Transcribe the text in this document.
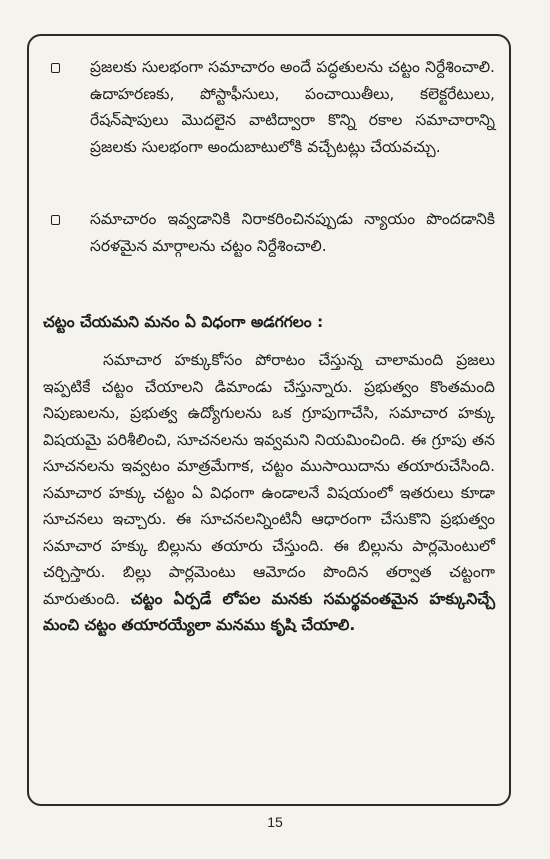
ప్రజలకు సులభంగా సమాచారం అందే పద్ధతులను చట్టం నిర్దేశించాలి. ఉదాహరణకు, పోస్టాఫీసులు, పంచాయితీలు, కలెక్టరేటులు, రేషన్‌షాపులు మొదలైన వాటిద్వారా కొన్ని రకాల సమాచారాన్ని ప్రజలకు సులభంగా అందుబాటులోకి వచ్చేటట్లు చేయవచ్చు.

సమాచారం ఇవ్వడానికి నిరాకరించినప్పుడు న్యాయం పొందడానికి సరళమైన మార్గాలను చట్టం నిర్దేశించాలి.

చట్టం చేయమని మనం ఏ విధంగా అడగగలం :

సమాచార హక్కుకోసం పోరాటం చేస్తున్న చాలామంది ప్రజలు ఇప్పటికే చట్టం చేయాలని డిమాండు చేస్తున్నారు. ప్రభుత్వం కొంతమంది నిపుణులను, ప్రభుత్వ ఉద్యోగులను ఒక గ్రూపుగాచేసి, సమాచార హక్కు విషయమై పరిశీలించి, సూచనలను ఇవ్వమని నియమించింది. ఈ గ్రూపు తన సూచనలను ఇవ్వటం మాత్రమేగాక, చట్టం ముసాయిదాను తయారుచేసింది. సమాచార హక్కు చట్టం ఏ విధంగా ఉండాలనే విషయంలో ఇతరులు కూడా సూచనలు ఇచ్చారు. ఈ సూచనలన్నింటినీ ఆధారంగా చేసుకొని ప్రభుత్వం సమాచార హక్కు బిల్లును తయారు చేస్తుంది. ఈ బిల్లును పార్లమెంటులో చర్చిస్తారు. బిల్లు పార్లమెంటు ఆమోదం పొందిన తర్వాత చట్టంగా మారుతుంది. చట్టం ఏర్పడే లోపల మనకు సమర్థవంతమైన హక్కునిచ్చే మంచి చట్టం తయారయ్యేలా మనము కృషి చేయాలి.

15
